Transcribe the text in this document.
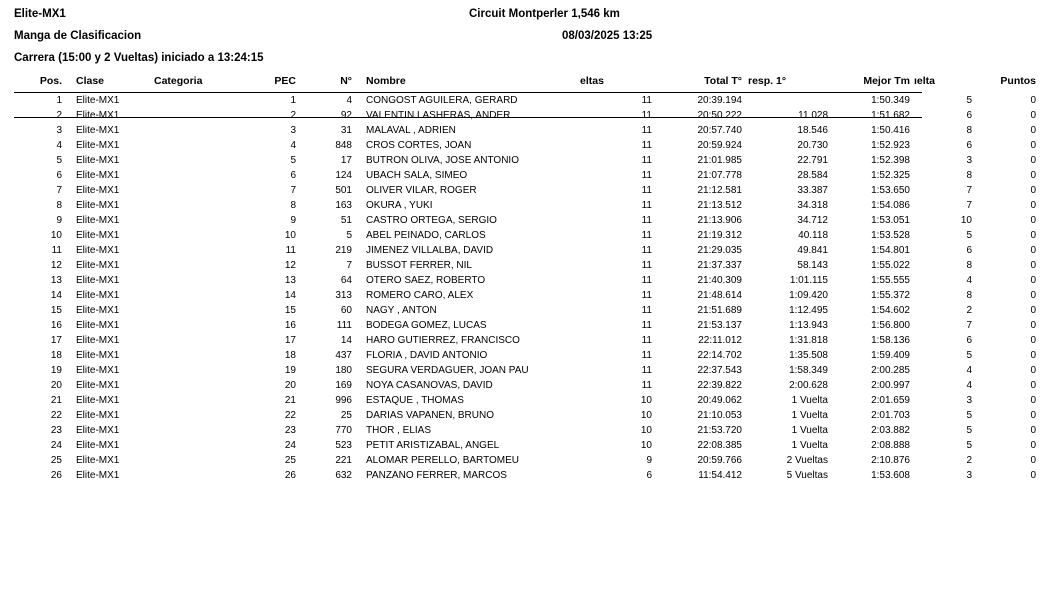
Elite-MX1	Circuit Montperler 1,546 km
Manga de Clasificacion	08/03/2025 13:25
Carrera (15:00 y 2 Vueltas) iniciado a 13:24:15
Pos.	Clase	Categoria	PEC	N°	Nombre	eltas	Total T°	resp. 1°	Mejor Tm	ıelta	Puntos
1	Elite-MX1		1	4	CONGOST AGUILERA, GERARD	11	20:39.194		1:50.349	5	0
2	Elite-MX1		2	92	VALENTIN LASHERAS, ANDER	11	20:50.222	11.028	1:51.682	6	0
3	Elite-MX1		3	31	MALAVAL , ADRIEN	11	20:57.740	18.546	1:50.416	8	0
4	Elite-MX1		4	848	CROS CORTES, JOAN	11	20:59.924	20.730	1:52.923	6	0
5	Elite-MX1		5	17	BUTRON OLIVA, JOSE ANTONIO	11	21:01.985	22.791	1:52.398	3	0
6	Elite-MX1		6	124	UBACH SALA, SIMEO	11	21:07.778	28.584	1:52.325	8	0
7	Elite-MX1		7	501	OLIVER VILAR, ROGER	11	21:12.581	33.387	1:53.650	7	0
8	Elite-MX1		8	163	OKURA , YUKI	11	21:13.512	34.318	1:54.086	7	0
9	Elite-MX1		9	51	CASTRO ORTEGA, SERGIO	11	21:13.906	34.712	1:53.051	10	0
10	Elite-MX1		10	5	ABEL PEINADO, CARLOS	11	21:19.312	40.118	1:53.528	5	0
11	Elite-MX1		11	219	JIMENEZ VILLALBA, DAVID	11	21:29.035	49.841	1:54.801	6	0
12	Elite-MX1		12	7	BUSSOT FERRER, NIL	11	21:37.337	58.143	1:55.022	8	0
13	Elite-MX1		13	64	OTERO SAEZ, ROBERTO	11	21:40.309	1:01.115	1:55.555	4	0
14	Elite-MX1		14	313	ROMERO CARO, ALEX	11	21:48.614	1:09.420	1:55.372	8	0
15	Elite-MX1		15	60	NAGY , ANTON	11	21:51.689	1:12.495	1:54.602	2	0
16	Elite-MX1		16	111	BODEGA GOMEZ, LUCAS	11	21:53.137	1:13.943	1:56.800	7	0
17	Elite-MX1		17	14	HARO GUTIERREZ, FRANCISCO	11	22:11.012	1:31.818	1:58.136	6	0
18	Elite-MX1		18	437	FLORIA , DAVID ANTONIO	11	22:14.702	1:35.508	1:59.409	5	0
19	Elite-MX1		19	180	SEGURA VERDAGUER, JOAN PAU	11	22:37.543	1:58.349	2:00.285	4	0
20	Elite-MX1		20	169	NOYA CASANOVAS, DAVID	11	22:39.822	2:00.628	2:00.997	4	0
21	Elite-MX1		21	996	ESTAQUE , THOMAS	10	20:49.062	1 Vuelta	2:01.659	3	0
22	Elite-MX1		22	25	DARIAS VAPANEN, BRUNO	10	21:10.053	1 Vuelta	2:01.703	5	0
23	Elite-MX1		23	770	THOR , ELIAS	10	21:53.720	1 Vuelta	2:03.882	5	0
24	Elite-MX1		24	523	PETIT ARISTIZABAL, ANGEL	10	22:08.385	1 Vuelta	2:08.888	5	0
25	Elite-MX1		25	221	ALOMAR PERELLO, BARTOMEU	9	20:59.766	2 Vueltas	2:10.876	2	0
26	Elite-MX1		26	632	PANZANO FERRER, MARCOS	6	11:54.412	5 Vueltas	1:53.608	3	0
